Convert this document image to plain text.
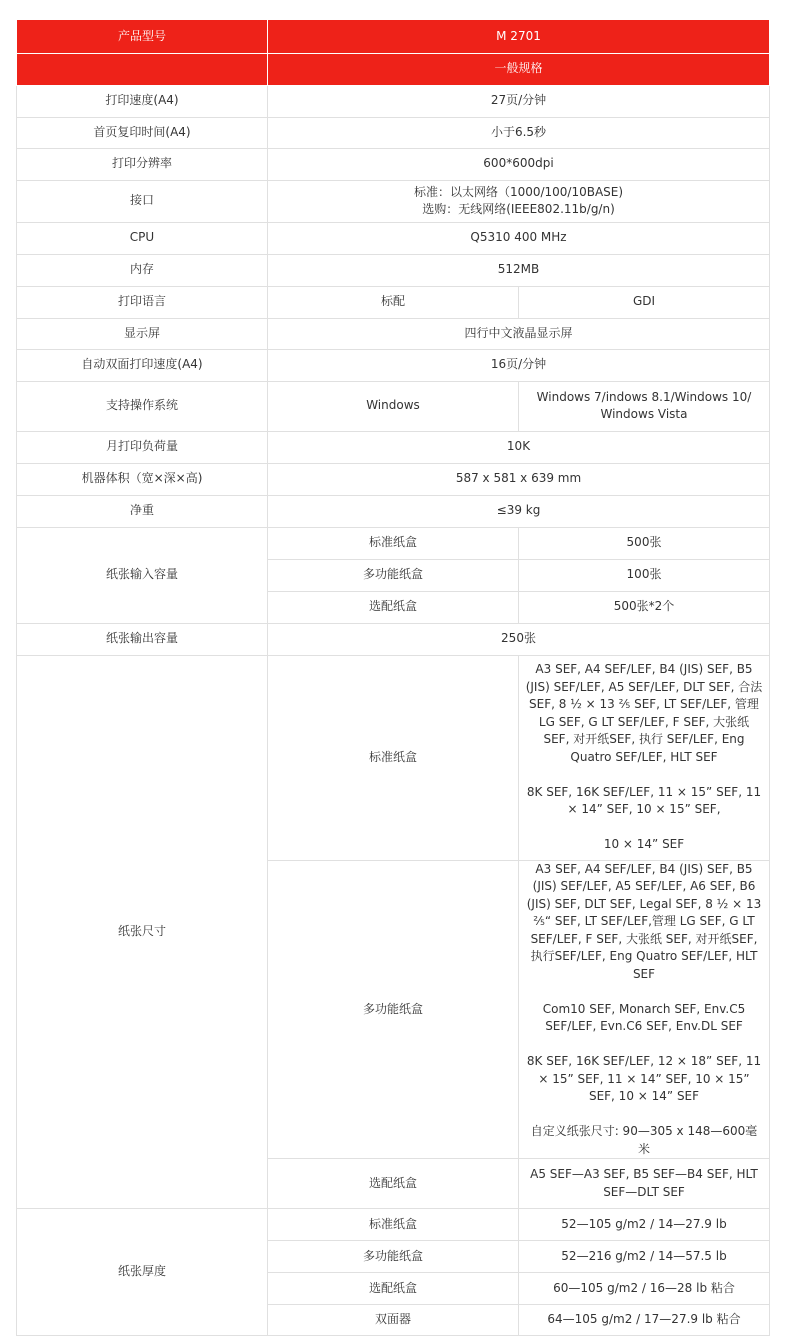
产品型号	M 2701	
	一般规格	
打印速度(A4)	27页/分钟	
首页复印时间(A4)	小于6.5秒	
打印分辨率	600*600dpi	
接口	标准：以太网络（1000/100/10BASE)
选购：无线网络(IEEE802.11b/g/n)	
CPU	Q5310 400 MHz	
内存	512MB	
打印语言	标配	GDI
显示屏	四行中文液晶显示屏	
自动双面打印速度(A4)	16页/分钟	
支持操作系统	Windows	Windows 7/indows 8.1/Windows 10/
Windows Vista
月打印负荷量	10K	
机器体积（宽×深×高)	587 x 581 x 639 mm	
净重	≤39 kg	
纸张输入容量	标准纸盒	500张
	多功能纸盒	100张
	选配纸盒	500张*2个
纸张输出容量	250张	
纸张尺寸	标准纸盒	A3 SEF, A4 SEF/LEF, B4 (JIS) SEF, B5 (JIS) SEF/LEF, A5 SEF/LEF, DLT SEF, 合法SEF, 8 ½ × 13 ⅖ SEF, LT SEF/LEF, 管理 LG SEF, G LT SEF/LEF, F SEF, 大张纸 SEF, 对开纸SEF, 执行 SEF/LEF, Eng Quatro SEF/LEF, HLT SEF

8K SEF, 16K SEF/LEF, 11 × 15” SEF, 11 × 14” SEF, 10 × 15” SEF,

10 × 14” SEF
	多功能纸盒	A3 SEF, A4 SEF/LEF, B4 (JIS) SEF, B5 (JIS) SEF/LEF, A5 SEF/LEF, A6 SEF, B6 (JIS) SEF, DLT SEF, Legal SEF, 8 ½ × 13 ⅖“ SEF, LT SEF/LEF,管理 LG SEF, G LT SEF/LEF, F SEF, 大张纸 SEF, 对开纸SEF, 执行SEF/LEF, Eng Quatro SEF/LEF, HLT SEF

Com10 SEF, Monarch SEF, Env.C5 SEF/LEF, Evn.C6 SEF, Env.DL SEF

8K SEF, 16K SEF/LEF, 12 × 18” SEF, 11 × 15” SEF, 11 × 14” SEF, 10 × 15” SEF, 10 × 14” SEF

自定义纸张尺寸: 90—305 x 148—600毫米
	选配纸盒	A5 SEF—A3 SEF, B5 SEF—B4 SEF, HLT SEF—DLT SEF
纸张厚度	标准纸盒	52—105 g/m2 / 14—27.9 lb
	多功能纸盒	52—216 g/m2 / 14—57.5 lb
	选配纸盒	60—105 g/m2 / 16—28 lb 粘合
	双面器	64—105 g/m2 / 17—27.9 lb 粘合
